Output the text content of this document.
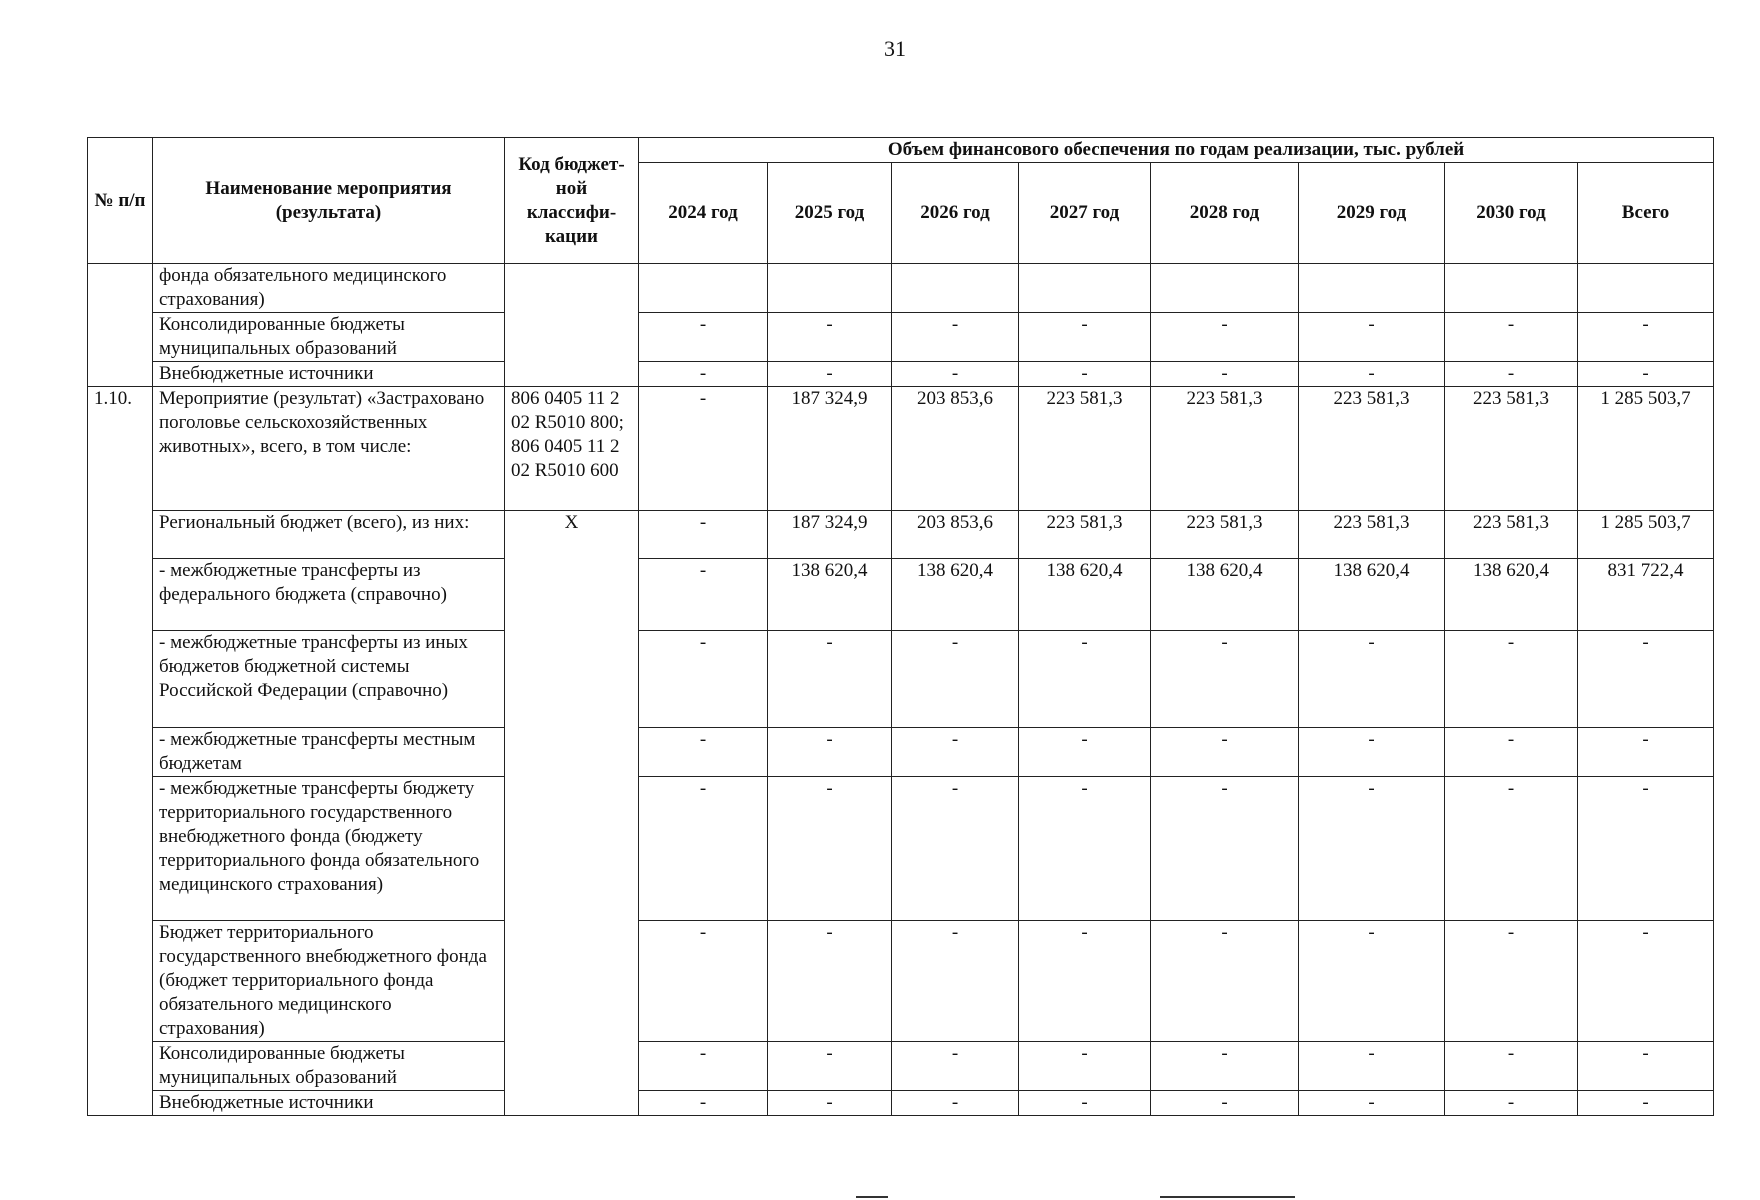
31
№ п/п	Наименование мероприятия (результата)	Код бюджет-ной классифи-кации	Объем финансового обеспечения по годам реализации, тыс. рублей							
			2024 год	2025 год	2026 год	2027 год	2028 год	2029 год	2030 год	Всего
	фонда обязательного медицинского страхования)									
	Консолидированные бюджеты муниципальных образований		-	-	-	-	-	-	-	-
	Внебюджетные источники		-	-	-	-	-	-	-	-
1.10.	Мероприятие (результат) «Застраховано поголовье сельскохозяйственных животных», всего, в том числе:	806 0405 11 2 02 R5010 800; 806 0405 11 2 02 R5010 600	-	187 324,9	203 853,6	223 581,3	223 581,3	223 581,3	223 581,3	1 285 503,7
	Региональный бюджет (всего), из них:	Х	-	187 324,9	203 853,6	223 581,3	223 581,3	223 581,3	223 581,3	1 285 503,7
	- межбюджетные трансферты из федерального бюджета (справочно)		-	138 620,4	138 620,4	138 620,4	138 620,4	138 620,4	138 620,4	831 722,4
	- межбюджетные трансферты из иных бюджетов бюджетной системы Российской Федерации (справочно)		-	-	-	-	-	-	-	-
	- межбюджетные трансферты местным бюджетам		-	-	-	-	-	-	-	-
	- межбюджетные трансферты бюджету территориального государственного внебюджетного фонда (бюджету территориального фонда обязательного медицинского страхования)		-	-	-	-	-	-	-	-
	Бюджет территориального государственного внебюджетного фонда (бюджет территориального фонда обязательного медицинского страхования)		-	-	-	-	-	-	-	-
	Консолидированные бюджеты муниципальных образований		-	-	-	-	-	-	-	-
	Внебюджетные источники		-	-	-	-	-	-	-	-
